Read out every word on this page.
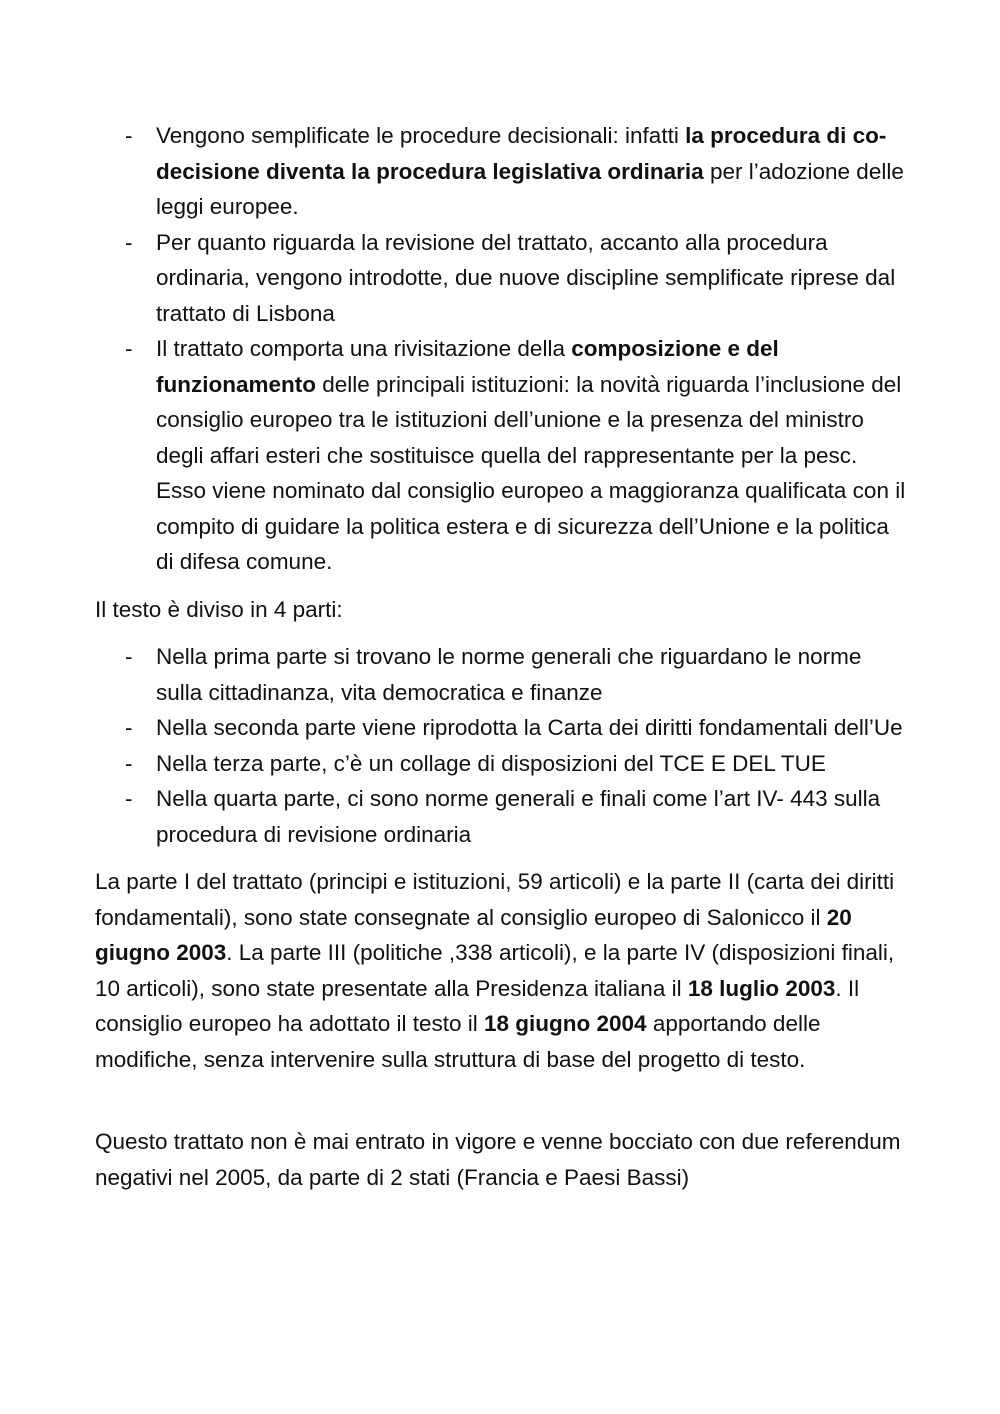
- Vengono semplificate le procedure decisionali: infatti la procedura di co-decisione diventa la procedura legislativa ordinaria per l’adozione delle leggi europee.
- Per quanto riguarda la revisione del trattato, accanto alla procedura ordinaria, vengono introdotte, due nuove discipline semplificate riprese dal trattato di Lisbona
- Il trattato comporta una rivisitazione della composizione e del funzionamento delle principali istituzioni: la novità riguarda l’inclusione del consiglio europeo tra le istituzioni dell’unione e la presenza del ministro degli affari esteri che sostituisce quella del rappresentante per la pesc. Esso viene nominato dal consiglio europeo a maggioranza qualificata con il compito di guidare la politica estera e di sicurezza dell’Unione e la politica di difesa comune.

Il testo è diviso in 4 parti:

- Nella prima parte si trovano le norme generali che riguardano le norme sulla cittadinanza, vita democratica e finanze
- Nella seconda parte viene riprodotta la Carta dei diritti fondamentali dell’Ue
- Nella terza parte, c’è un collage di disposizioni del TCE E DEL TUE
- Nella quarta parte, ci sono norme generali e finali come l’art IV- 443 sulla procedura di revisione ordinaria

La parte I del trattato (principi e istituzioni, 59 articoli) e la parte II (carta dei diritti fondamentali), sono state consegnate al consiglio europeo di Salonicco il 20 giugno 2003. La parte III (politiche ,338 articoli), e la parte IV (disposizioni finali, 10 articoli), sono state presentate alla Presidenza italiana il 18 luglio 2003. Il consiglio europeo ha adottato il testo il 18 giugno 2004 apportando delle modifiche, senza intervenire sulla struttura di base del progetto di testo.

Questo trattato non è mai entrato in vigore e venne bocciato con due referendum negativi nel 2005, da parte di 2 stati (Francia e Paesi Bassi)
